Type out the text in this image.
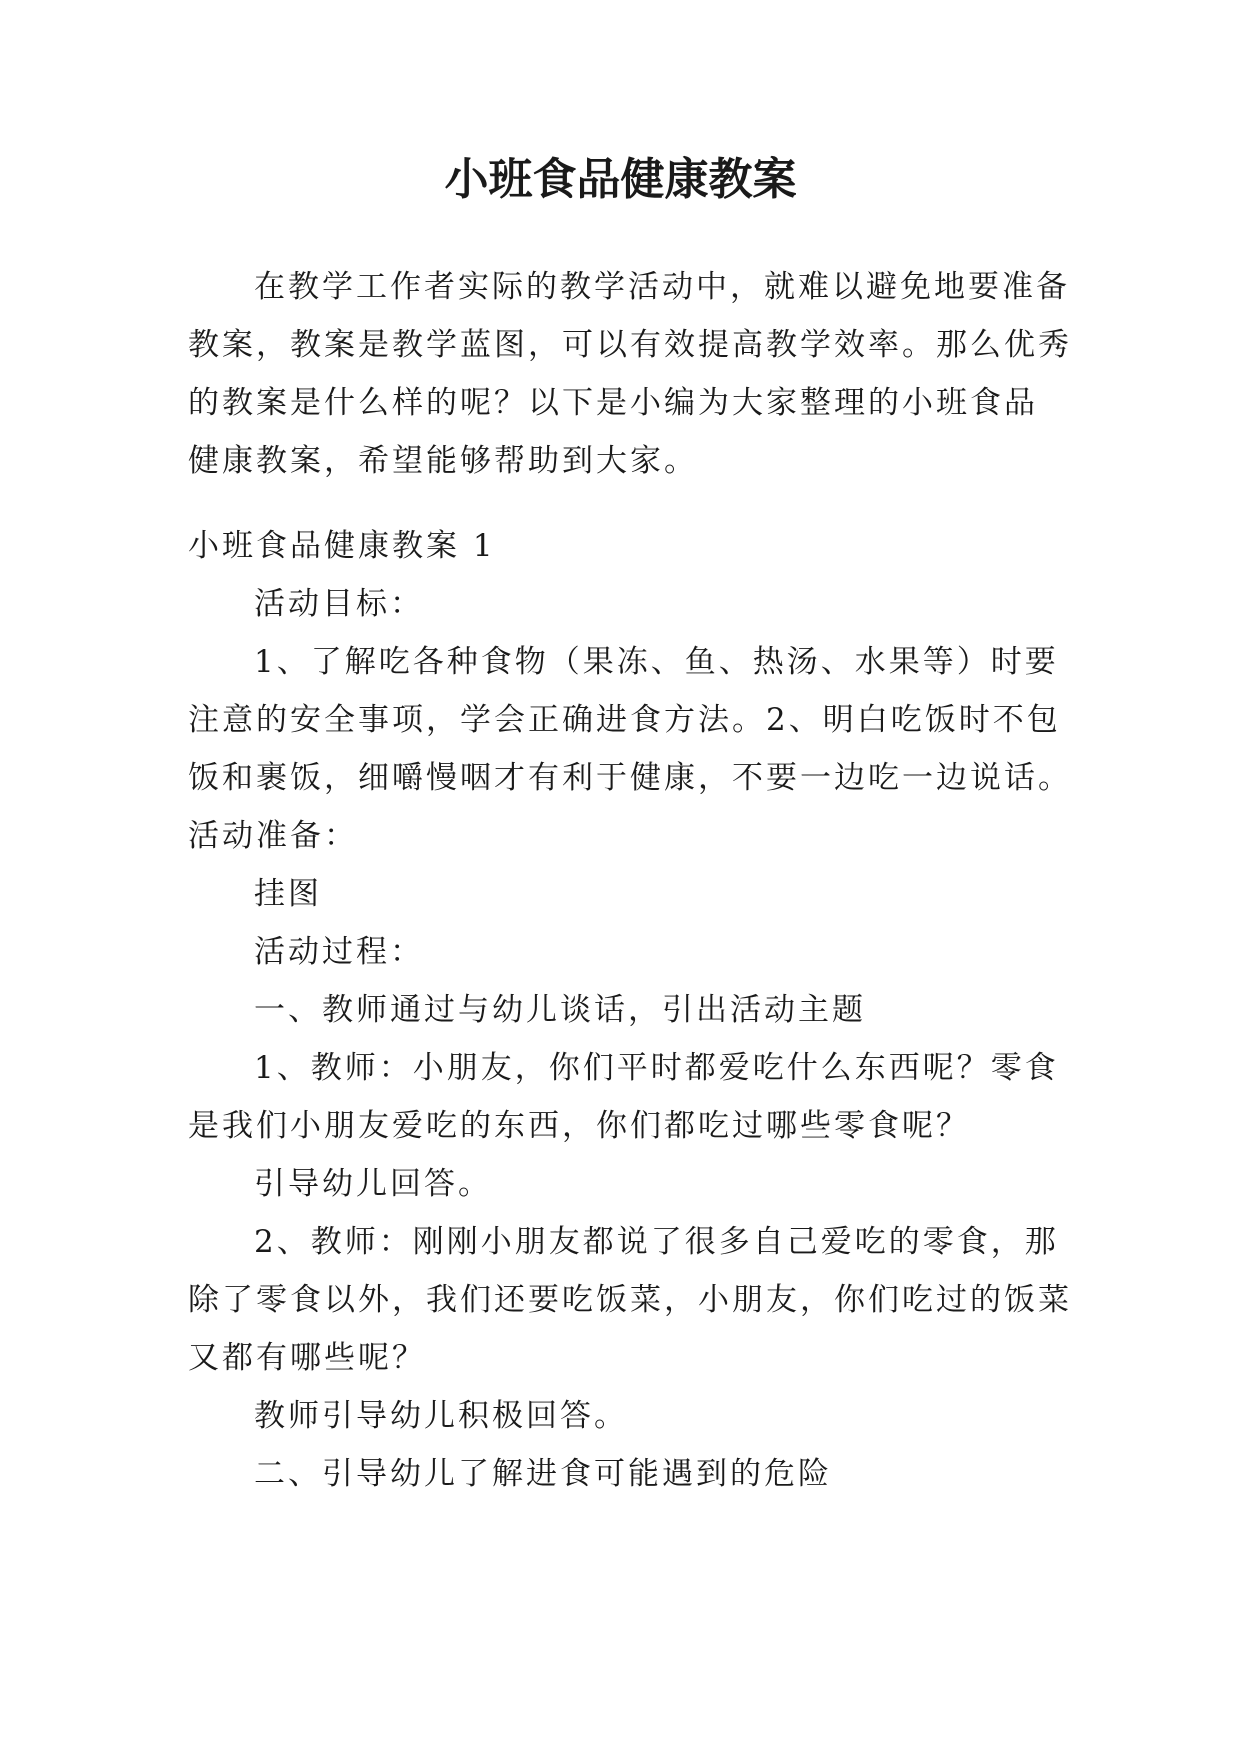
小班食品健康教案
在教学工作者实际的教学活动中，就难以避免地要准备
教案，教案是教学蓝图，可以有效提高教学效率。那么优秀
的教案是什么样的呢？以下是小编为大家整理的小班食品
健康教案，希望能够帮助到大家。
小班食品健康教案 1
活动目标：
1、了解吃各种食物（果冻、鱼、热汤、水果等）时要
注意的安全事项，学会正确进食方法。2、明白吃饭时不包
饭和裹饭，细嚼慢咽才有利于健康，不要一边吃一边说话。
活动准备：
挂图
活动过程：
一、教师通过与幼儿谈话，引出活动主题
1、教师：小朋友，你们平时都爱吃什么东西呢？零食
是我们小朋友爱吃的东西，你们都吃过哪些零食呢？
引导幼儿回答。
2、教师：刚刚小朋友都说了很多自己爱吃的零食，那
除了零食以外，我们还要吃饭菜，小朋友，你们吃过的饭菜
又都有哪些呢？
教师引导幼儿积极回答。
二、引导幼儿了解进食可能遇到的危险
